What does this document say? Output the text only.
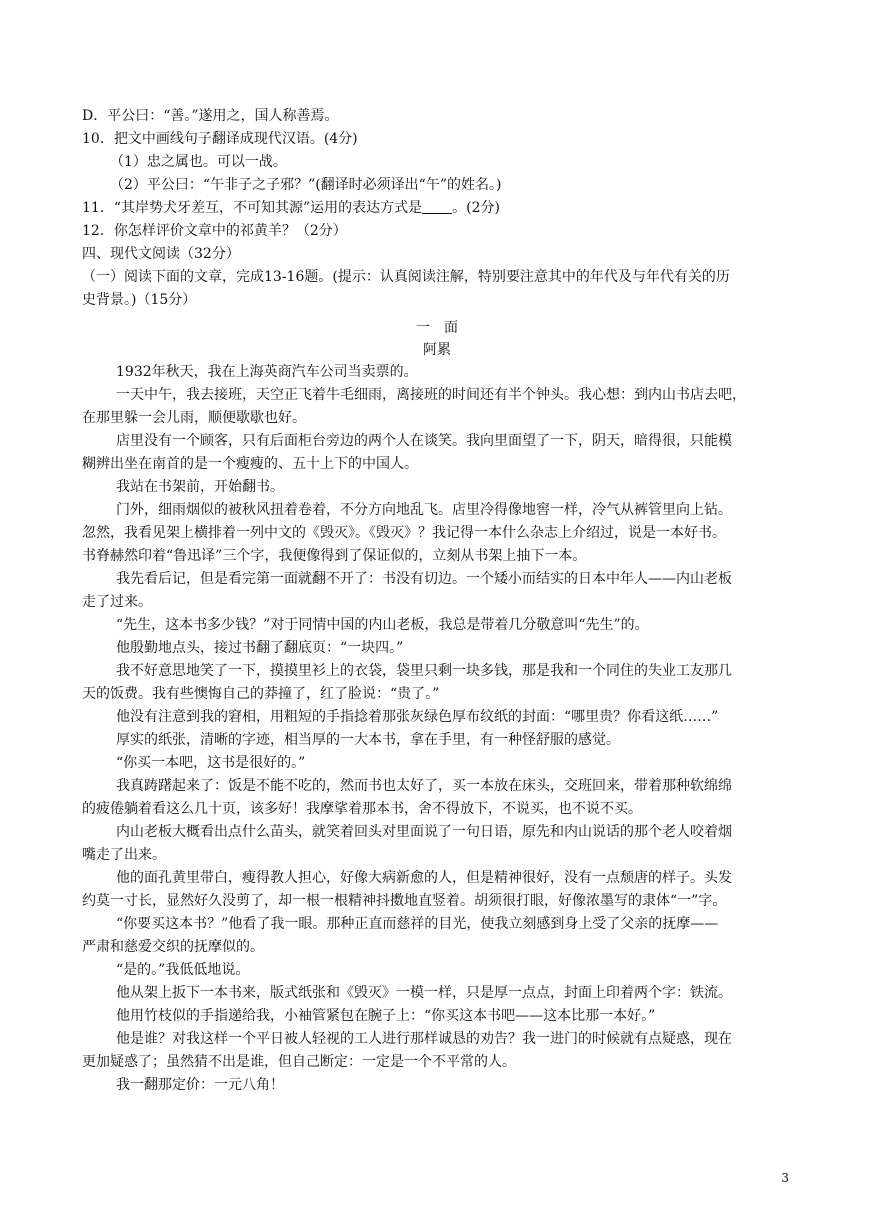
D．平公曰：“善。”遂用之，国人称善焉。
10．把文中画线句子翻译成现代汉语。(4分)
（1）忠之属也。可以一战。
（2）平公曰：“午非子之子邪？”(翻译时必须译出“午”的姓名。)
11．“其岸势犬牙差互，不可知其源”运用的表达方式是 。(2分)
12．你怎样评价文章中的祁黄羊？（2分）
四、现代文阅读（32分）
（一）阅读下面的文章，完成13-16题。(提示：认真阅读注解，特别要注意其中的年代及与年代有关的历
史背景。)（15分）
一　面
阿累
1932年秋天，我在上海英商汽车公司当卖票的。
一天中午，我去接班，天空正飞着牛毛细雨，离接班的时间还有半个钟头。我心想：到内山书店去吧，
在那里躲一会儿雨，顺便歇歇也好。
店里没有一个顾客，只有后面柜台旁边的两个人在谈笑。我向里面望了一下，阴天，暗得很，只能模
糊辨出坐在南首的是一个瘦瘦的、五十上下的中国人。
我站在书架前，开始翻书。
门外，细雨烟似的被秋风扭着卷着，不分方向地乱飞。店里冷得像地窖一样，冷气从裤管里向上钻。
忽然，我看见架上横排着一列中文的《毁灭》。《毁灭》？我记得一本什么杂志上介绍过，说是一本好书。
书脊赫然印着“鲁迅译”三个字，我便像得到了保证似的，立刻从书架上抽下一本。
我先看后记，但是看完第一面就翻不开了：书没有切边。一个矮小而结实的日本中年人——内山老板
走了过来。
“先生，这本书多少钱？”对于同情中国的内山老板，我总是带着几分敬意叫“先生”的。
他殷勤地点头，接过书翻了翻底页：“一块四。”
我不好意思地笑了一下，摸摸里衫上的衣袋，袋里只剩一块多钱，那是我和一个同住的失业工友那几
天的饭费。我有些懊悔自己的莽撞了，红了脸说：“贵了。”
他没有注意到我的窘相，用粗短的手指捻着那张灰绿色厚布纹纸的封面：“哪里贵？你看这纸……”
厚实的纸张，清晰的字迹，相当厚的一大本书，拿在手里，有一种怪舒服的感觉。
“你买一本吧，这书是很好的。”
我真踌躇起来了：饭是不能不吃的，然而书也太好了，买一本放在床头，交班回来，带着那种软绵绵
的疲倦躺着看这么几十页，该多好！我摩挲着那本书，舍不得放下，不说买，也不说不买。
内山老板大概看出点什么苗头，就笑着回头对里面说了一句日语，原先和内山说话的那个老人咬着烟
嘴走了出来。
他的面孔黄里带白，瘦得教人担心，好像大病新愈的人，但是精神很好，没有一点颓唐的样子。头发
约莫一寸长，显然好久没剪了，却一根一根精神抖擞地直竖着。胡须很打眼，好像浓墨写的隶体“一”字。
“你要买这本书？”他看了我一眼。那种正直而慈祥的目光，使我立刻感到身上受了父亲的抚摩——
严肃和慈爱交织的抚摩似的。
“是的。”我低低地说。
他从架上扳下一本书来，版式纸张和《毁灭》一模一样，只是厚一点点，封面上印着两个字：铁流。
他用竹枝似的手指递给我，小袖管紧包在腕子上：“你买这本书吧——这本比那一本好。”
他是谁？对我这样一个平日被人轻视的工人进行那样诚恳的劝告？我一进门的时候就有点疑惑，现在
更加疑惑了；虽然猜不出是谁，但自己断定：一定是一个不平常的人。
我一翻那定价：一元八角！
3
